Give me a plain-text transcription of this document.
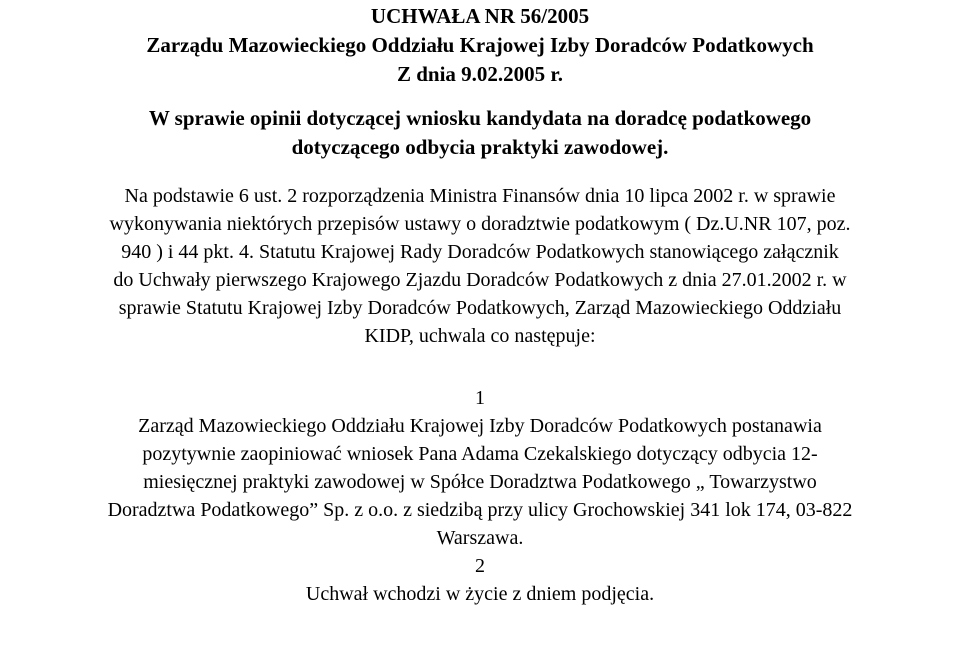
UCHWAŁA NR 56/2005

Zarządu Mazowieckiego Oddziału Krajowej Izby Doradców Podatkowych

Z dnia 9.02.2005 r.

W sprawie opinii dotyczącej wniosku kandydata na doradcę podatkowego
dotyczącego odbycia praktyki zawodowej.
Na podstawie 6 ust. 2 rozporządzenia Ministra Finansów dnia 10 lipca 2002 r. w sprawie
wykonywania niektórych przepisów ustawy o doradztwie podatkowym ( Dz.U.NR 107, poz.
940 ) i 44 pkt. 4. Statutu Krajowej Rady Doradców Podatkowych stanowiącego załącznik
do Uchwały pierwszego Krajowego Zjazdu Doradców Podatkowych z dnia 27.01.2002 r. w
sprawie Statutu Krajowej Izby Doradców Podatkowych, Zarząd Mazowieckiego Oddziału
KIDP, uchwala co następuje:
1
Zarząd Mazowieckiego Oddziału Krajowej Izby Doradców Podatkowych postanawia
pozytywnie zaopiniować wniosek Pana Adama Czekalskiego dotyczący odbycia 12-
miesięcznej praktyki zawodowej w Spółce Doradztwa Podatkowego „ Towarzystwo
Doradztwa Podatkowego” Sp. z o.o. z siedzibą przy ulicy Grochowskiej 341 lok 174, 03-822
Warszawa.
2
Uchwał wchodzi w życie z dniem podjęcia.
